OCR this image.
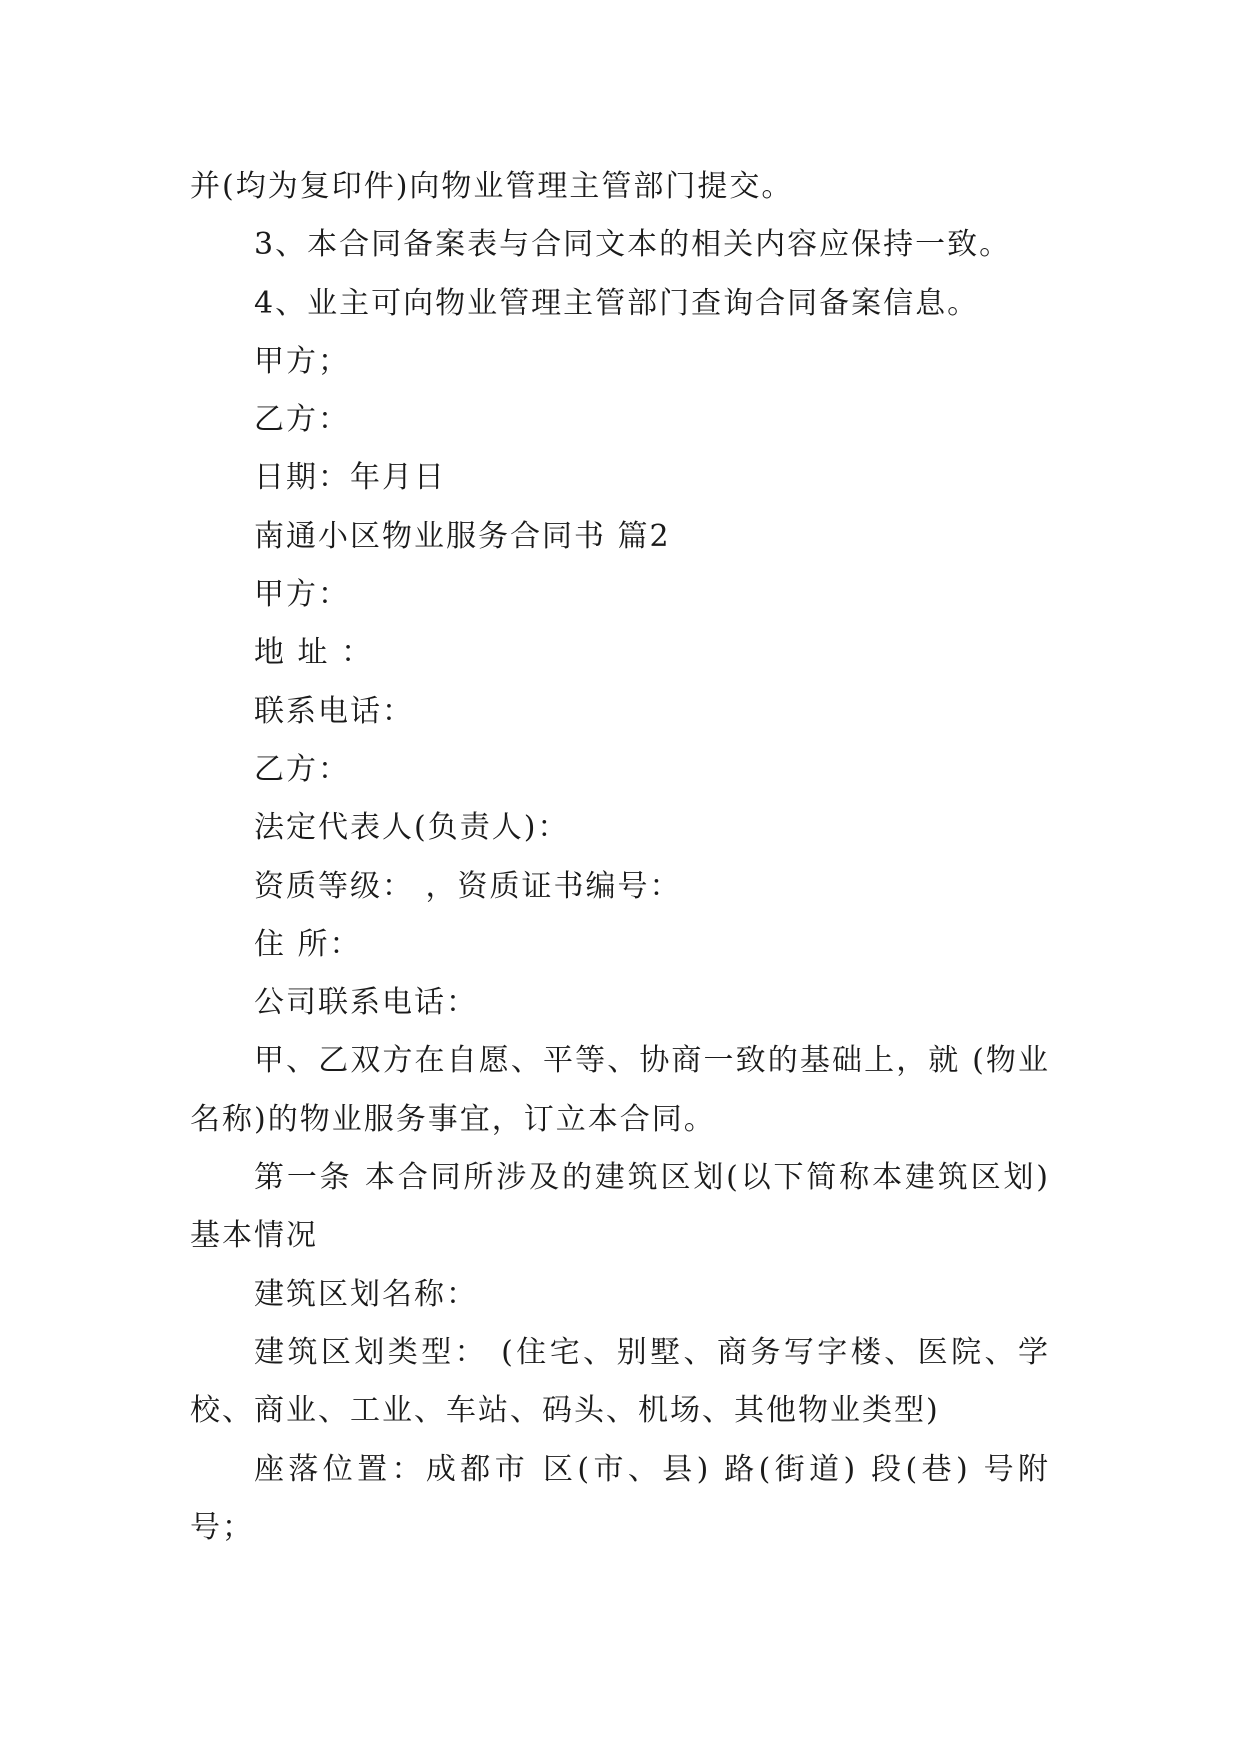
并(均为复印件)向物业管理主管部门提交。

3、本合同备案表与合同文本的相关内容应保持一致。

4、业主可向物业管理主管部门查询合同备案信息。

甲方；

乙方：

日期：年月日

南通小区物业服务合同书 篇2

甲方：

地 址 ：

联系电话：

乙方：

法定代表人(负责人)：

资质等级： ，资质证书编号：

住 所：

公司联系电话：

甲、乙双方在自愿、平等、协商一致的基础上，就 (物业名称)的物业服务事宜，订立本合同。

第一条 本合同所涉及的建筑区划(以下简称本建筑区划)基本情况

建筑区划名称：

建筑区划类型： (住宅、别墅、商务写字楼、医院、学校、商业、工业、车站、码头、机场、其他物业类型)

座落位置：成都市 区(市、县) 路(街道) 段(巷) 号附号；
